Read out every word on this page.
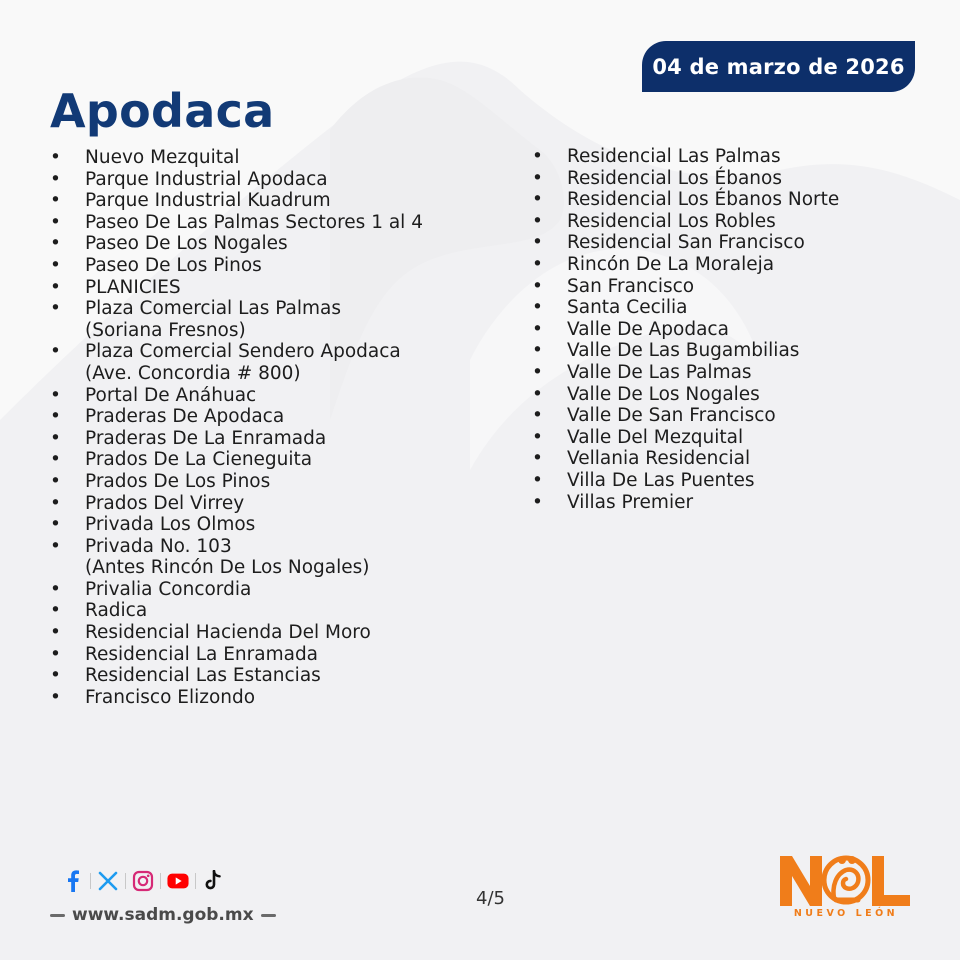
04 de marzo de 2026
Apodaca
• Nuevo Mezquital
• Parque Industrial Apodaca
• Parque Industrial Kuadrum
• Paseo De Las Palmas Sectores 1 al 4
• Paseo De Los Nogales
• Paseo De Los Pinos
• PLANICIES
• Plaza Comercial Las Palmas
(Soriana Fresnos)
• Plaza Comercial Sendero Apodaca
(Ave. Concordia # 800)
• Portal De Anáhuac
• Praderas De Apodaca
• Praderas De La Enramada
• Prados De La Cieneguita
• Prados De Los Pinos
• Prados Del Virrey
• Privada Los Olmos
• Privada No. 103
(Antes Rincón De Los Nogales)
• Privalia Concordia
• Radica
• Residencial Hacienda Del Moro
• Residencial La Enramada
• Residencial Las Estancias
• Francisco Elizondo
• Residencial Las Palmas
• Residencial Los Ébanos
• Residencial Los Ébanos Norte
• Residencial Los Robles
• Residencial San Francisco
• Rincón De La Moraleja
• San Francisco
• Santa Cecilia
• Valle De Apodaca
• Valle De Las Bugambilias
• Valle De Las Palmas
• Valle De Los Nogales
• Valle De San Francisco
• Valle Del Mezquital
• Vellania Residencial
• Villa De Las Puentes
• Villas Premier
www.sadm.gob.mx
4/5
NUEVO LEÓN
